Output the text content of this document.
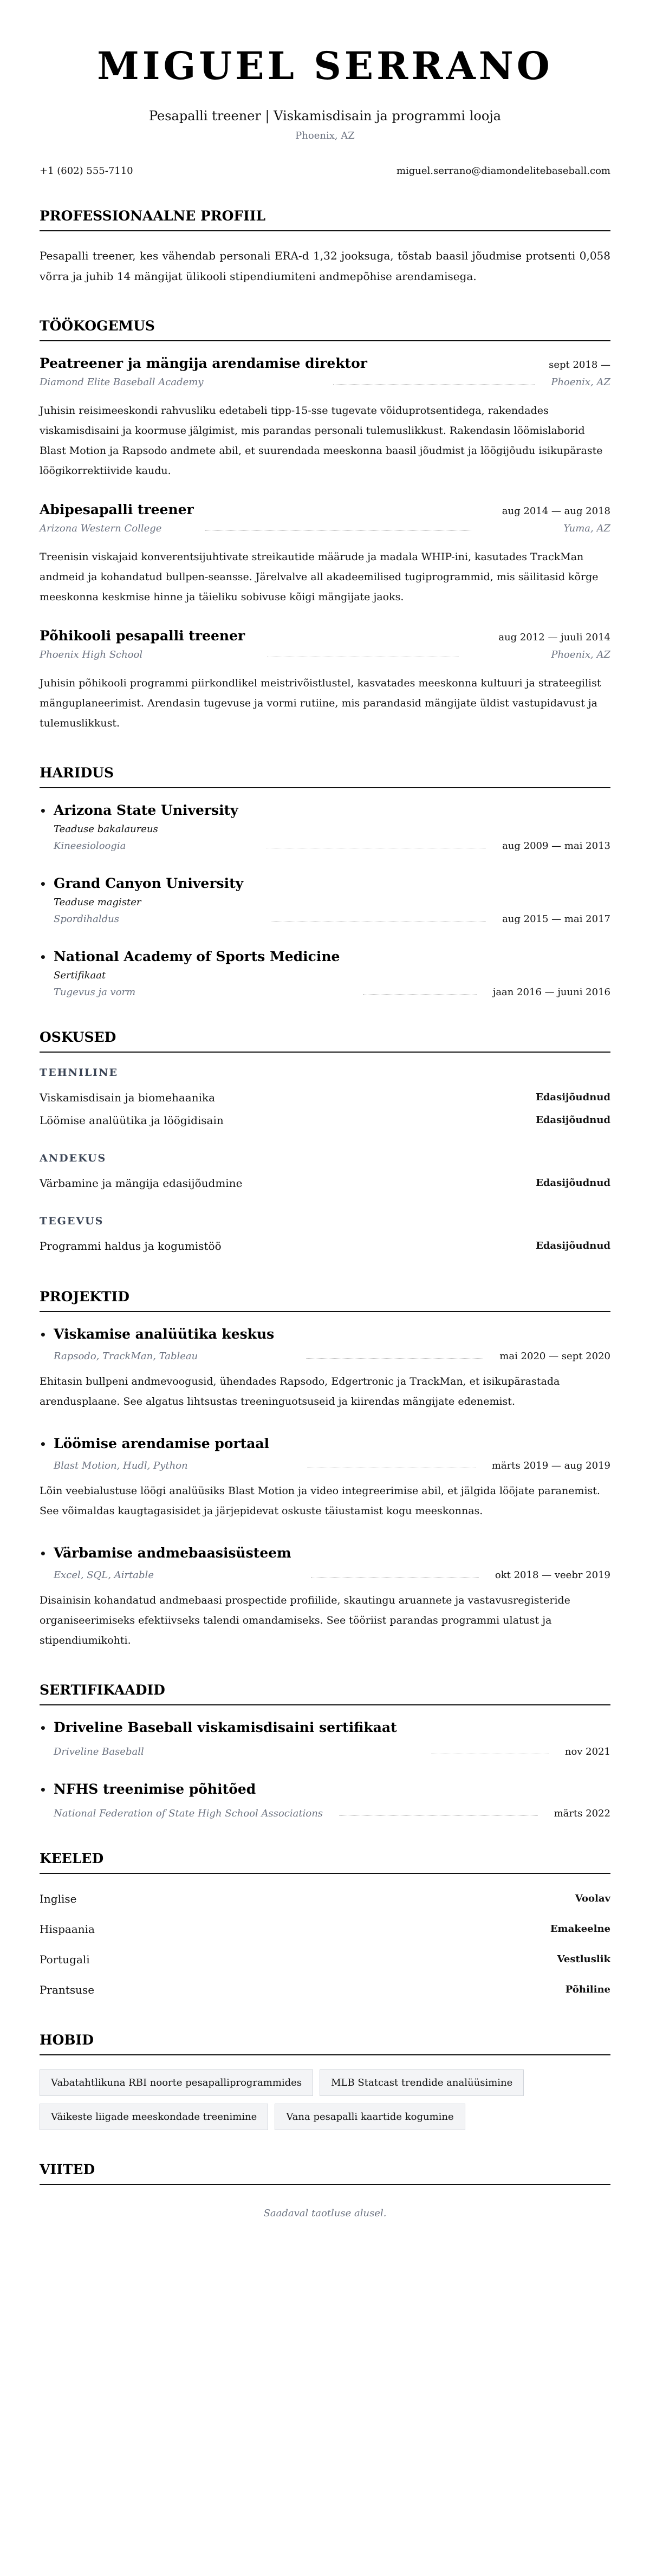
MIGUEL SERRANO
Pesapalli treener | Viskamisdisain ja programmi looja
Phoenix, AZ
+1 (602) 555-7110	miguel.serrano@diamondelitebaseball.com
PROFESSIONAALNE PROFIIL

Pesapalli treener, kes vähendab personali ERA-d 1,32 jooksuga, tõstab baasil jõudmise protsenti 0,058 võrra ja juhib 14 mängijat ülikooli stipendiumiteni andmepõhise arendamisega.

TÖÖKOGEMUS
Peatreener ja mängija arendamise direktor	sept 2018 —
Diamond Elite Baseball Academy	Phoenix, AZ

Juhisin reisimeeskondi rahvusliku edetabeli tipp-15-sse tugevate võiduprotsentidega, rakendades viskamisdisaini ja koormuse jälgimist, mis parandas personali tulemuslikkust. Rakendasin löömislaborid Blast Motion ja Rapsodo andmete abil, et suurendada meeskonna baasil jõudmist ja löögijõudu isikupäraste löögikorrektiivide kaudu.

Abipesapalli treener	aug 2014 — aug 2018
Arizona Western College	Yuma, AZ

Treenisin viskajaid konverentsijuhtivate streikautide määrude ja madala WHIP-ini, kasutades TrackMan andmeid ja kohandatud bullpen-seansse. Järelvalve all akadeemilised tugiprogrammid, mis säilitasid kõrge meeskonna keskmise hinne ja täieliku sobivuse kõigi mängijate jaoks.

Põhikooli pesapalli treener	aug 2012 — juuli 2014
Phoenix High School	Phoenix, AZ

Juhisin põhikooli programmi piirkondlikel meistrivõistlustel, kasvatades meeskonna kultuuri ja strateegilist mänguplaneerimist. Arendasin tugevuse ja vormi rutiine, mis parandasid mängijate üldist vastupidavust ja tulemuslikkust.

HARIDUS
• Arizona State University
Teaduse bakalaureus
Kineesioloogia	aug 2009 — mai 2013
• Grand Canyon University
Teaduse magister
Spordihaldus	aug 2015 — mai 2017
• National Academy of Sports Medicine
Sertifikaat
Tugevus ja vorm	jaan 2016 — juuni 2016
OSKUSED
TEHNILINE
Viskamisdisain ja biomehaanika	Edasijõudnud
Löömise analüütika ja löögidisain	Edasijõudnud
ANDEKUS
Värbamine ja mängija edasijõudmine	Edasijõudnud
TEGEVUS
Programmi haldus ja kogumistöö	Edasijõudnud
PROJEKTID
• Viskamise analüütika keskus
Rapsodo, TrackMan, Tableau	mai 2020 — sept 2020

Ehitasin bullpeni andmevoogusid, ühendades Rapsodo, Edgertronic ja TrackMan, et isikupärastada arendusplaane. See algatus lihtsustas treeninguotsuseid ja kiirendas mängijate edenemist.

• Löömise arendamise portaal
Blast Motion, Hudl, Python	märts 2019 — aug 2019

Lõin veebialustuse löögi analüüsiks Blast Motion ja video integreerimise abil, et jälgida lööjate paranemist. See võimaldas kaugtagasisidet ja järjepidevat oskuste täiustamist kogu meeskonnas.

• Värbamise andmebaasisüsteem
Excel, SQL, Airtable	okt 2018 — veebr 2019

Disainisin kohandatud andmebaasi prospectide profiilide, skautingu aruannete ja vastavusregisteride organiseerimiseks efektiivseks talendi omandamiseks. See tööriist parandas programmi ulatust ja stipendiumikohti.

SERTIFIKAADID
• Driveline Baseball viskamisdisaini sertifikaat
Driveline Baseball	nov 2021
• NFHS treenimise põhitõed
National Federation of State High School Associations	märts 2022
KEELED
Inglise	Voolav
Hispaania	Emakeelne
Portugali	Vestluslik
Prantsuse	Põhiline
HOBID
Vabatahtlikuna RBI noorte pesapalliprogrammides	MLB Statcast trendide analüüsimine
Väikeste liigade meeskondade treenimine	Vana pesapalli kaartide kogumine
VIITED
Saadaval taotluse alusel.
